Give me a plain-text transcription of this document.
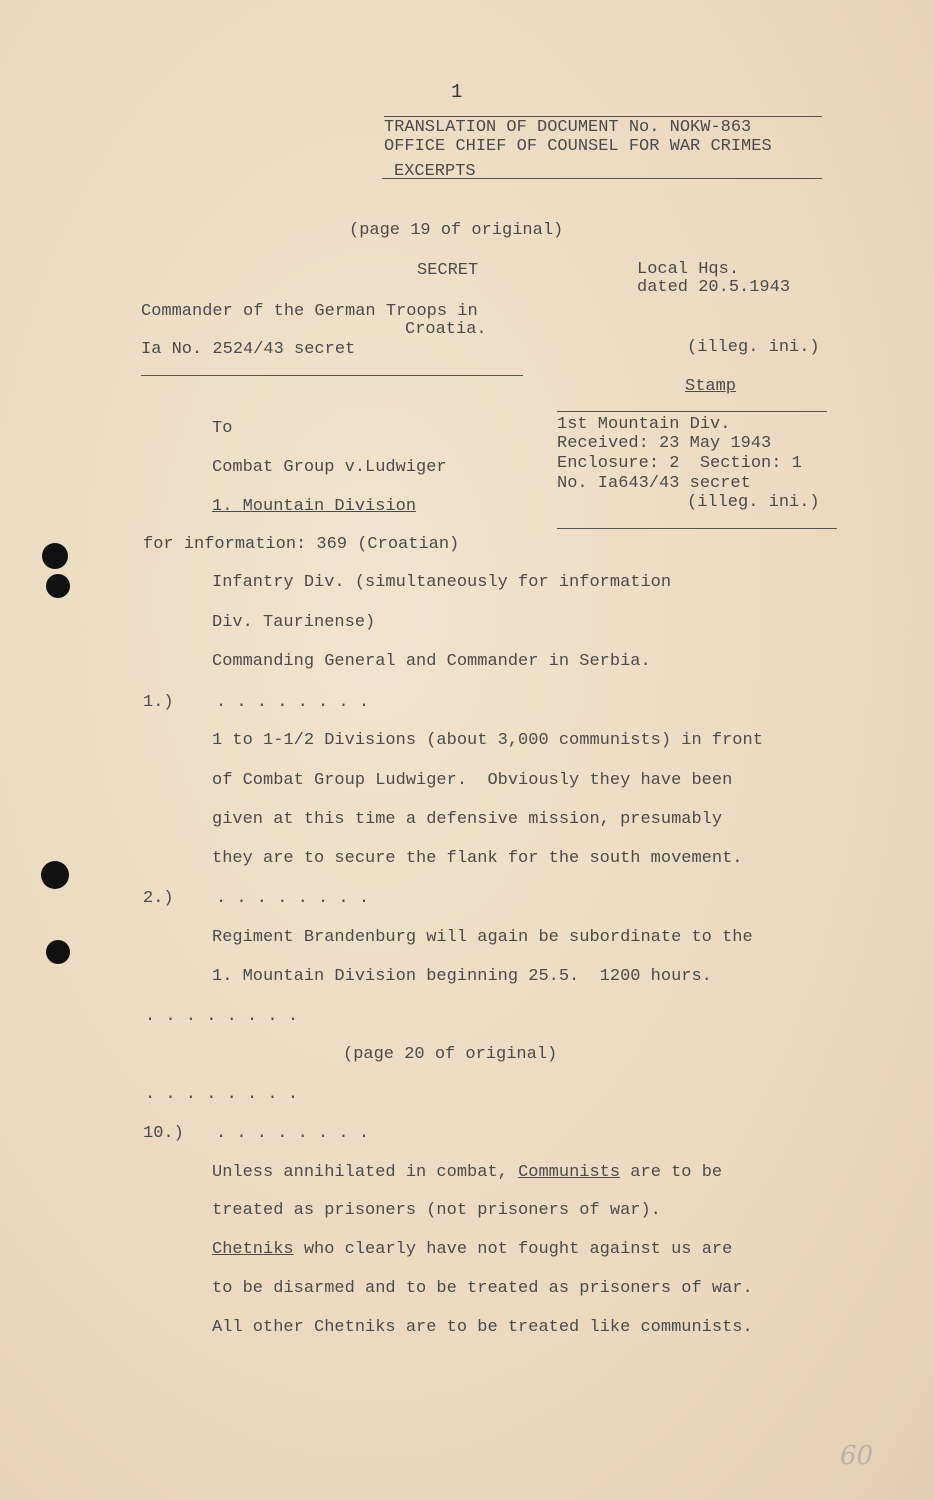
1
TRANSLATION OF DOCUMENT No. NOKW-863
OFFICE CHIEF OF COUNSEL FOR WAR CRIMES
EXCERPTS
(page 19 of original)
SECRET	Local Hqs.
dated 20.5.1943
Commander of the German Troops in
Croatia.
Ia No. 2524/43 secret	(illeg. ini.)
Stamp
1st Mountain Div.
Received: 23 May 1943
Enclosure: 2  Section: 1
No. Ia643/43 secret
(illeg. ini.)
To
Combat Group v.Ludwiger
1. Mountain Division
for information: 369 (Croatian)
Infantry Div. (simultaneously for information
Div. Taurinense)
Commanding General and Commander in Serbia.
1.) . . . . . . . .
1 to 1-1/2 Divisions (about 3,000 communists) in front
of Combat Group Ludwiger.  Obviously they have been
given at this time a defensive mission, presumably
they are to secure the flank for the south movement.
2.) . . . . . . . .
Regiment Brandenburg will again be subordinate to the
1. Mountain Division beginning 25.5.  1200 hours.
. . . . . . . .
(page 20 of original)
. . . . . . . .
10.) . . . . . . . .
Unless annihilated in combat, Communists are to be
treated as prisoners (not prisoners of war).
Chetniks who clearly have not fought against us are
to be disarmed and to be treated as prisoners of war.
All other Chetniks are to be treated like communists.
60
